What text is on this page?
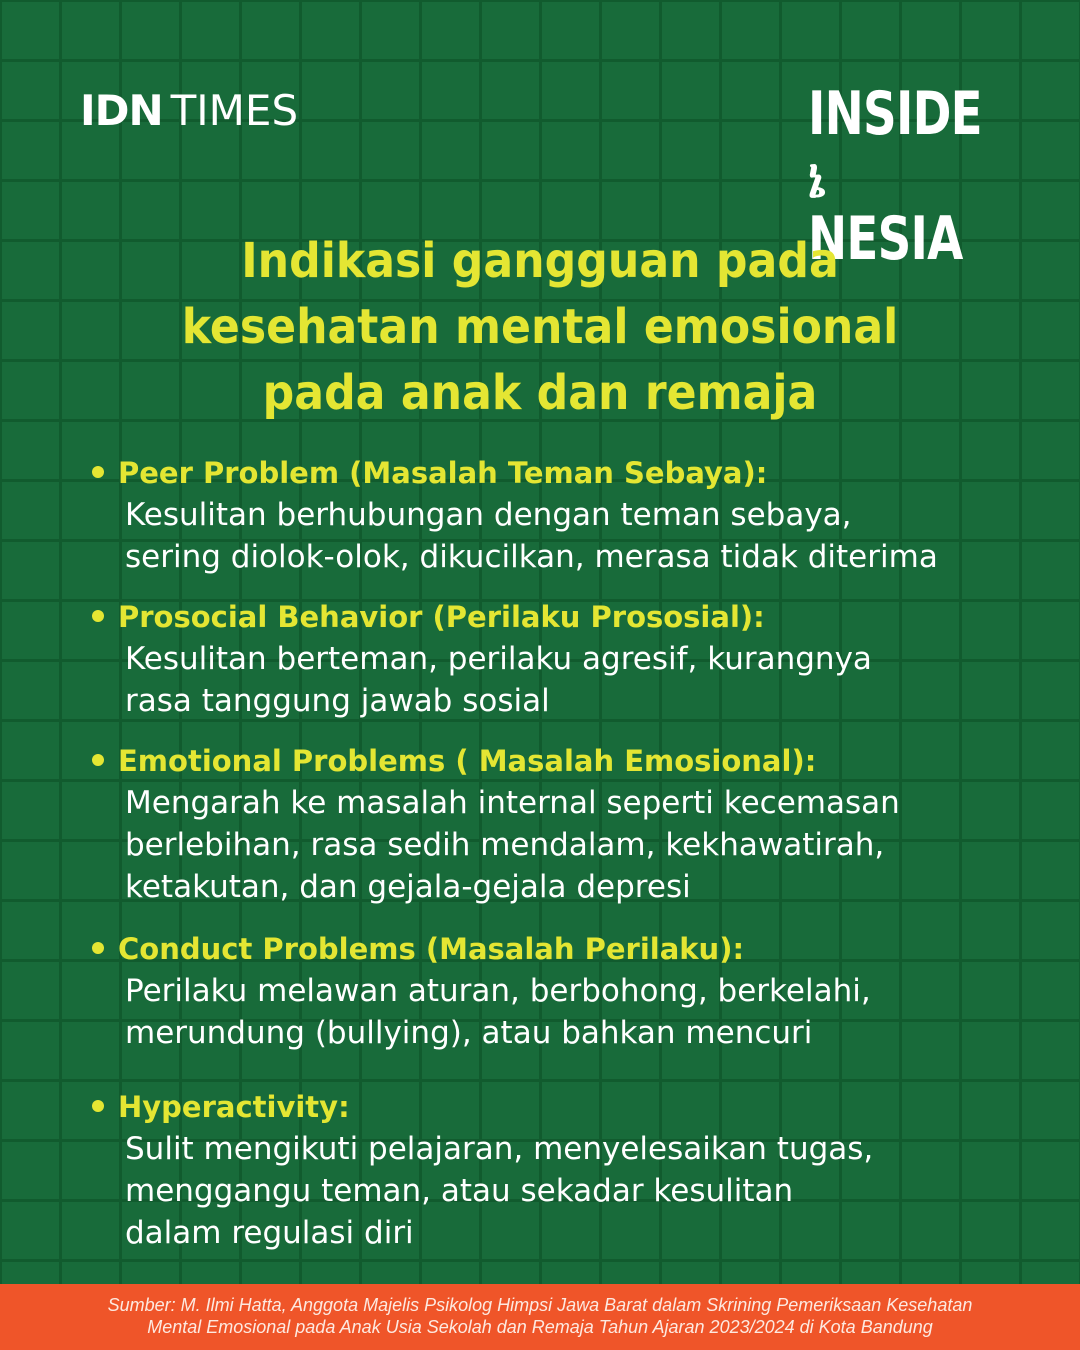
IDN TIMES	INSIDE
ኔNESIA
Indikasi gangguan pada
kesehatan mental emosional
pada anak dan remaja
Peer Problem (Masalah Teman Sebaya):
Kesulitan berhubungan dengan teman sebaya,
sering diolok-olok, dikucilkan, merasa tidak diterima
Prosocial Behavior (Perilaku Prososial):
Kesulitan berteman, perilaku agresif, kurangnya
rasa tanggung jawab sosial
Emotional Problems ( Masalah Emosional):
Mengarah ke masalah internal seperti kecemasan
berlebihan, rasa sedih mendalam, kekhawatirah,
ketakutan, dan gejala-gejala depresi
Conduct Problems (Masalah Perilaku):
Perilaku melawan aturan, berbohong, berkelahi,
merundung (bullying), atau bahkan mencuri
Hyperactivity:
Sulit mengikuti pelajaran, menyelesaikan tugas,
menggangu teman, atau sekadar kesulitan
dalam regulasi diri
Sumber: M. Ilmi Hatta, Anggota Majelis Psikolog Himpsi Jawa Barat dalam Skrining Pemeriksaan Kesehatan
Mental Emosional pada Anak Usia Sekolah dan Remaja Tahun Ajaran 2023/2024 di Kota Bandung
